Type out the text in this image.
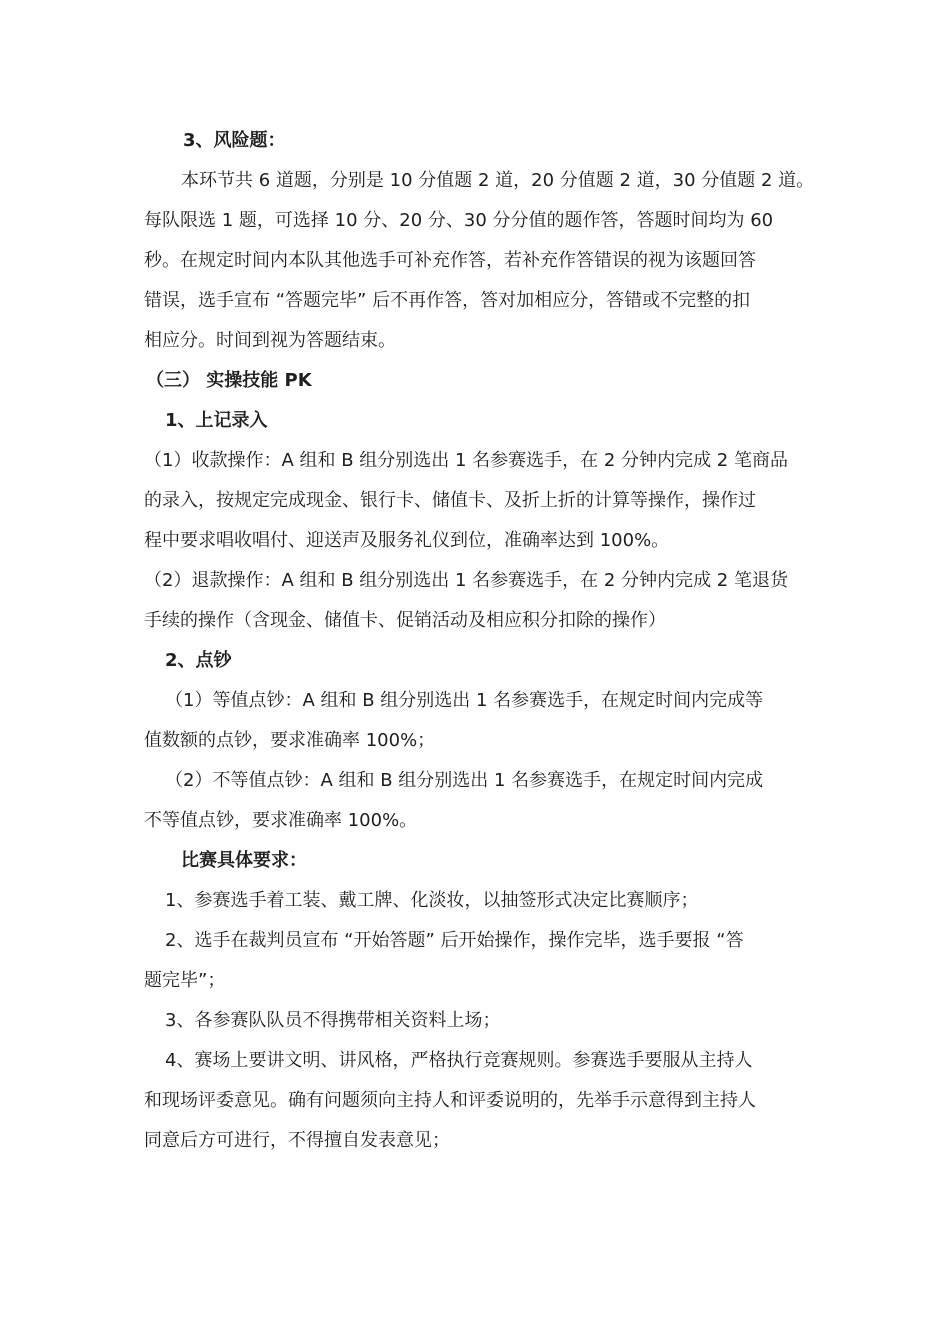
3、风险题：
本环节共 6 道题，分别是 10 分值题 2 道，20 分值题 2 道，30 分值题 2 道。
每队限选 1 题，可选择 10 分、20 分、30 分分值的题作答，答题时间均为 60
秒。在规定时间内本队其他选手可补充作答，若补充作答错误的视为该题回答
错误，选手宣布 “答题完毕” 后不再作答，答对加相应分，答错或不完整的扣
相应分。时间到视为答题结束。
（三） 实操技能 PK
1、上记录入
（1）收款操作：A 组和 B 组分别选出 1 名参赛选手，在 2 分钟内完成 2 笔商品
的录入，按规定完成现金、银行卡、储值卡、及折上折的计算等操作，操作过
程中要求唱收唱付、迎送声及服务礼仪到位，准确率达到 100%。
（2）退款操作：A 组和 B 组分别选出 1 名参赛选手，在 2 分钟内完成 2 笔退货
手续的操作（含现金、储值卡、促销活动及相应积分扣除的操作）
2、点钞
（1）等值点钞：A 组和 B 组分别选出 1 名参赛选手，在规定时间内完成等
值数额的点钞，要求准确率 100%；
（2）不等值点钞：A 组和 B 组分别选出 1 名参赛选手，在规定时间内完成
不等值点钞，要求准确率 100%。
比赛具体要求：
1、参赛选手着工装、戴工牌、化淡妆，以抽签形式决定比赛顺序；
2、选手在裁判员宣布 “开始答题” 后开始操作，操作完毕，选手要报 “答
题完毕”；
3、各参赛队队员不得携带相关资料上场；
4、赛场上要讲文明、讲风格，严格执行竞赛规则。参赛选手要服从主持人
和现场评委意见。确有问题须向主持人和评委说明的，先举手示意得到主持人
同意后方可进行，不得擅自发表意见；
